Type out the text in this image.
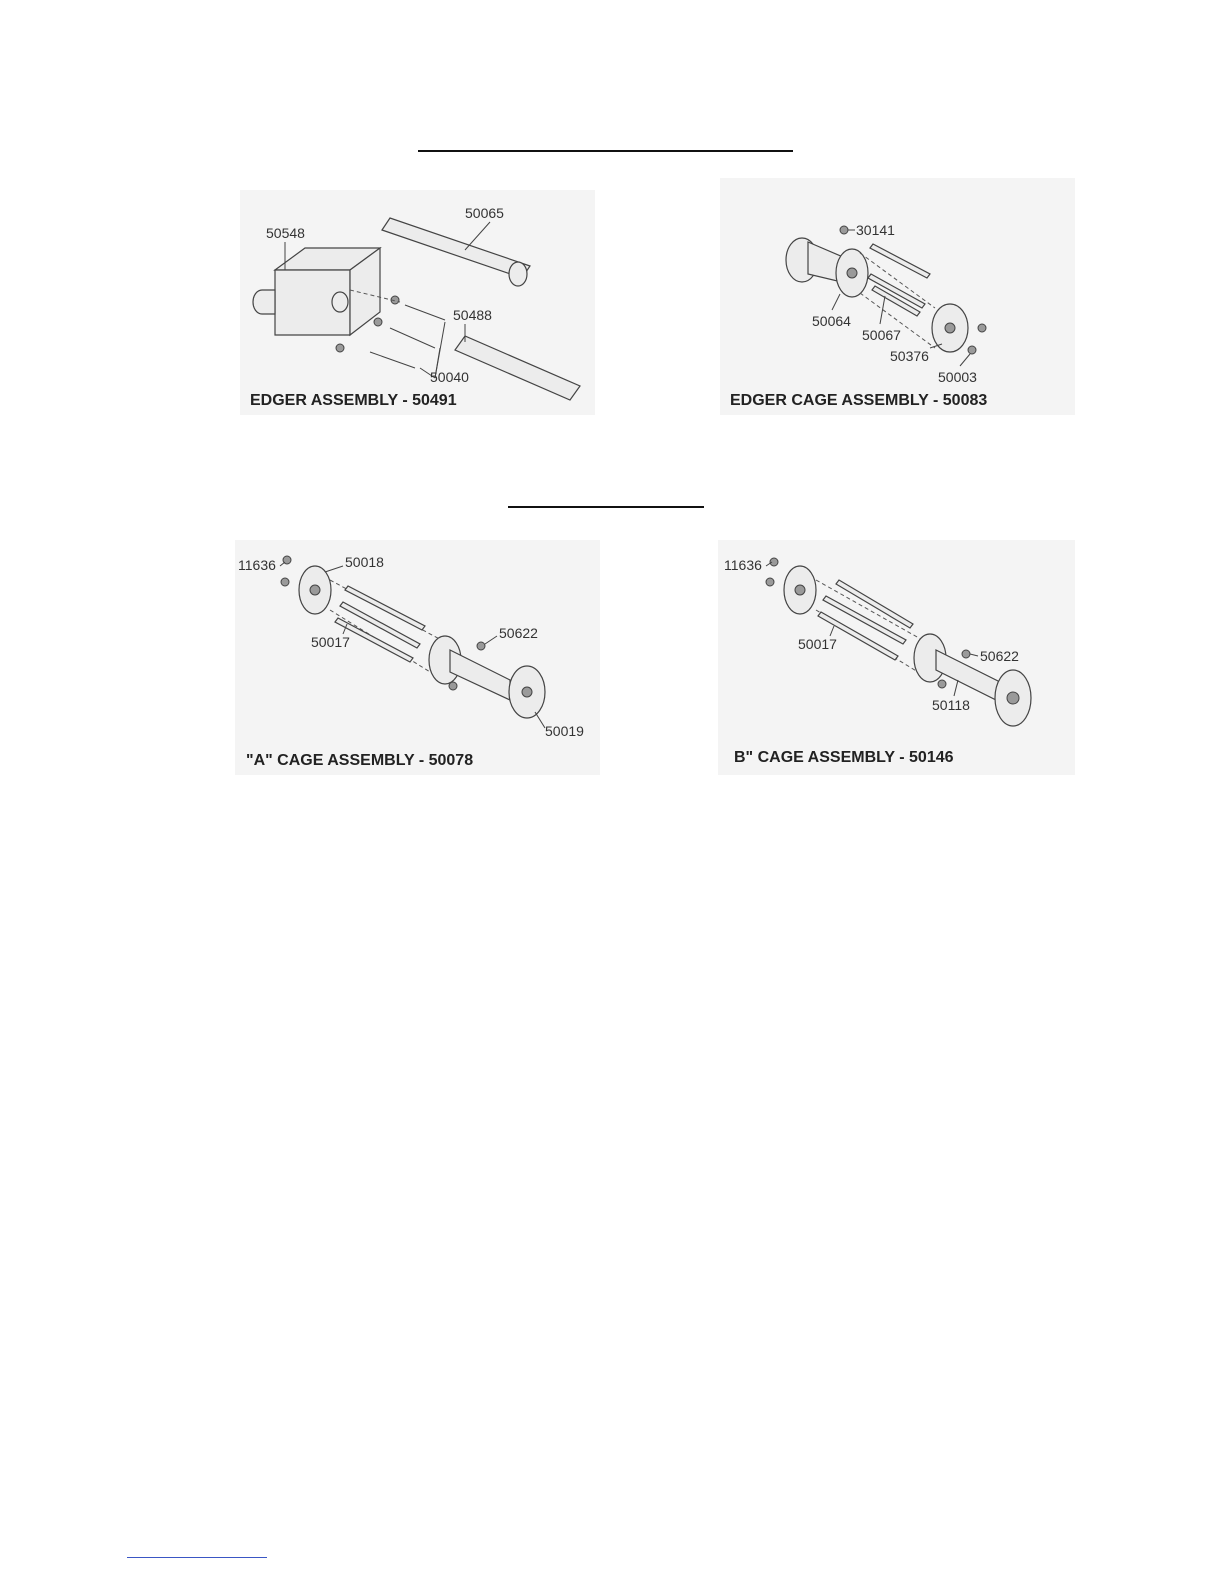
50548
50065
50488
50040
EDGER ASSEMBLY - 50491
30141
50064
50067
50376
50003
EDGER CAGE ASSEMBLY - 50083
11636	50018
50017
50622
50019
"A" CAGE ASSEMBLY - 50078
11636
50017
50622
50118
B" CAGE ASSEMBLY - 50146
